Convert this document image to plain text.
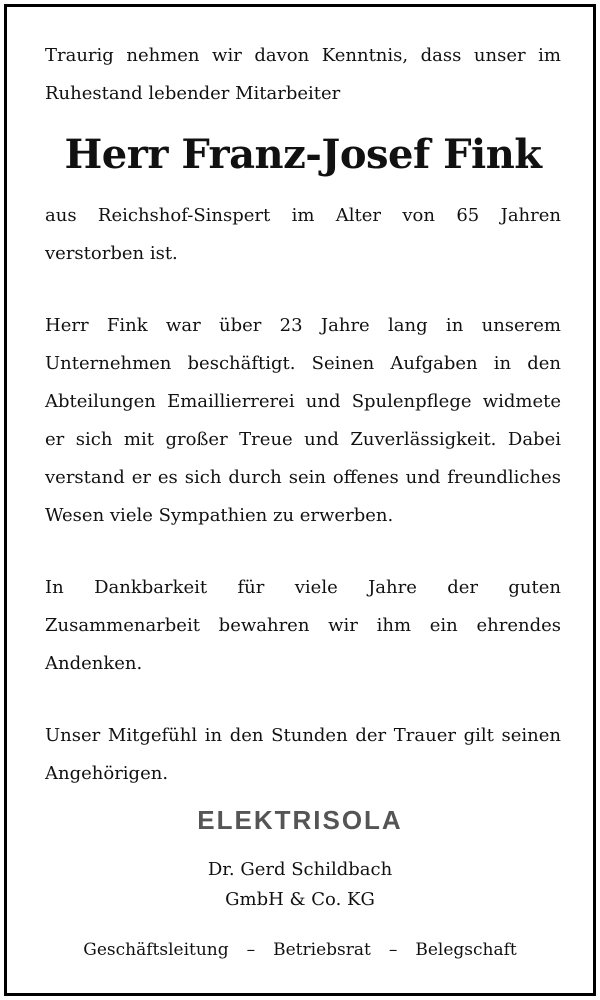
Traurig nehmen wir davon Kenntnis, dass unser im Ruhestand lebender Mitarbeiter

Herr Franz-Josef Fink

aus Reichshof-Sinspert im Alter von 65 Jahren verstorben ist.

Herr Fink war über 23 Jahre lang in unserem Unternehmen beschäftigt. Seinen Aufgaben in den Abteilungen Emaillierrerei und Spulenpflege widmete er sich mit großer Treue und Zuverlässigkeit. Dabei verstand er es sich durch sein offenes und freundliches Wesen viele Sympathien zu erwerben.

In Dankbarkeit für viele Jahre der guten Zusammenarbeit bewahren wir ihm ein ehrendes Andenken.

Unser Mitgefühl in den Stunden der Trauer gilt seinen Angehörigen.

ELEKTRISOLA
Dr. Gerd Schildbach
GmbH & Co. KG
Geschäftsleitung – Betriebsrat – Belegschaft
